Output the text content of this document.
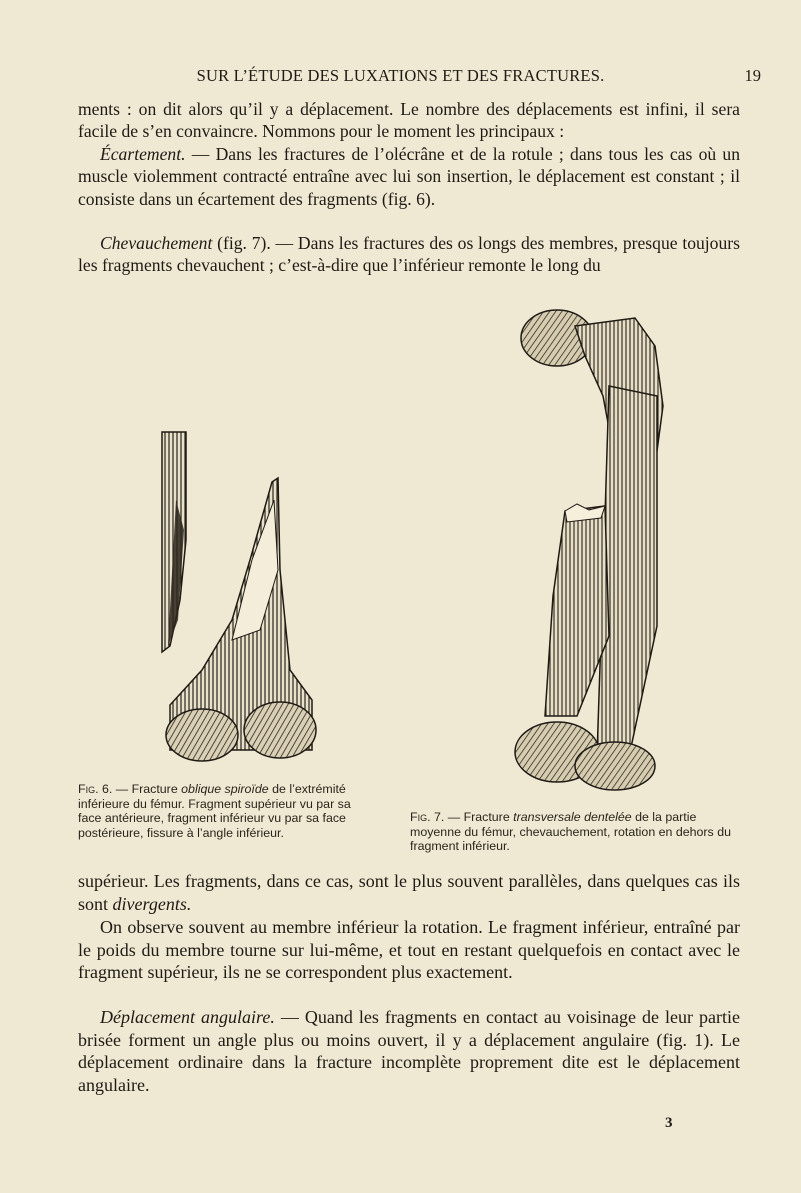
SUR L’ÉTUDE DES LUXATIONS ET DES FRACTURES.	19

ments : on dit alors qu’il y a déplacement. Le nombre des déplacements est infini, il sera facile de s’en convaincre. Nommons pour le moment les principaux :

Écartement. — Dans les fractures de l’olécrâne et de la rotule ; dans tous les cas où un muscle violemment contracté entraîne avec lui son insertion, le déplacement est constant ; il consiste dans un écartement des fragments (fig. 6).

Chevauchement (fig. 7). — Dans les fractures des os longs des membres, presque toujours les fragments chevauchent ; c’est-à-dire que l’inférieur remonte le long du

Fig. 6. — Fracture oblique spiroïde de l’extrémité inférieure du fémur. Fragment supérieur vu par sa face antérieure, fragment inférieur vu par sa face postérieure, fissure à l’angle inférieur.

Fig. 7. — Fracture transversale dentelée de la partie moyenne du fémur, chevauchement, rotation en dehors du fragment inférieur.

supérieur. Les fragments, dans ce cas, sont le plus souvent parallèles, dans quelques cas ils sont divergents.

On observe souvent au membre inférieur la rotation. Le fragment inférieur, entraîné par le poids du membre tourne sur lui-même, et tout en restant quelquefois en contact avec le fragment supérieur, ils ne se correspondent plus exactement.

Déplacement angulaire. — Quand les fragments en contact au voisinage de leur partie brisée forment un angle plus ou moins ouvert, il y a déplacement angulaire (fig. 1). Le déplacement ordinaire dans la fracture incomplète proprement dite est le déplacement angulaire.

3
